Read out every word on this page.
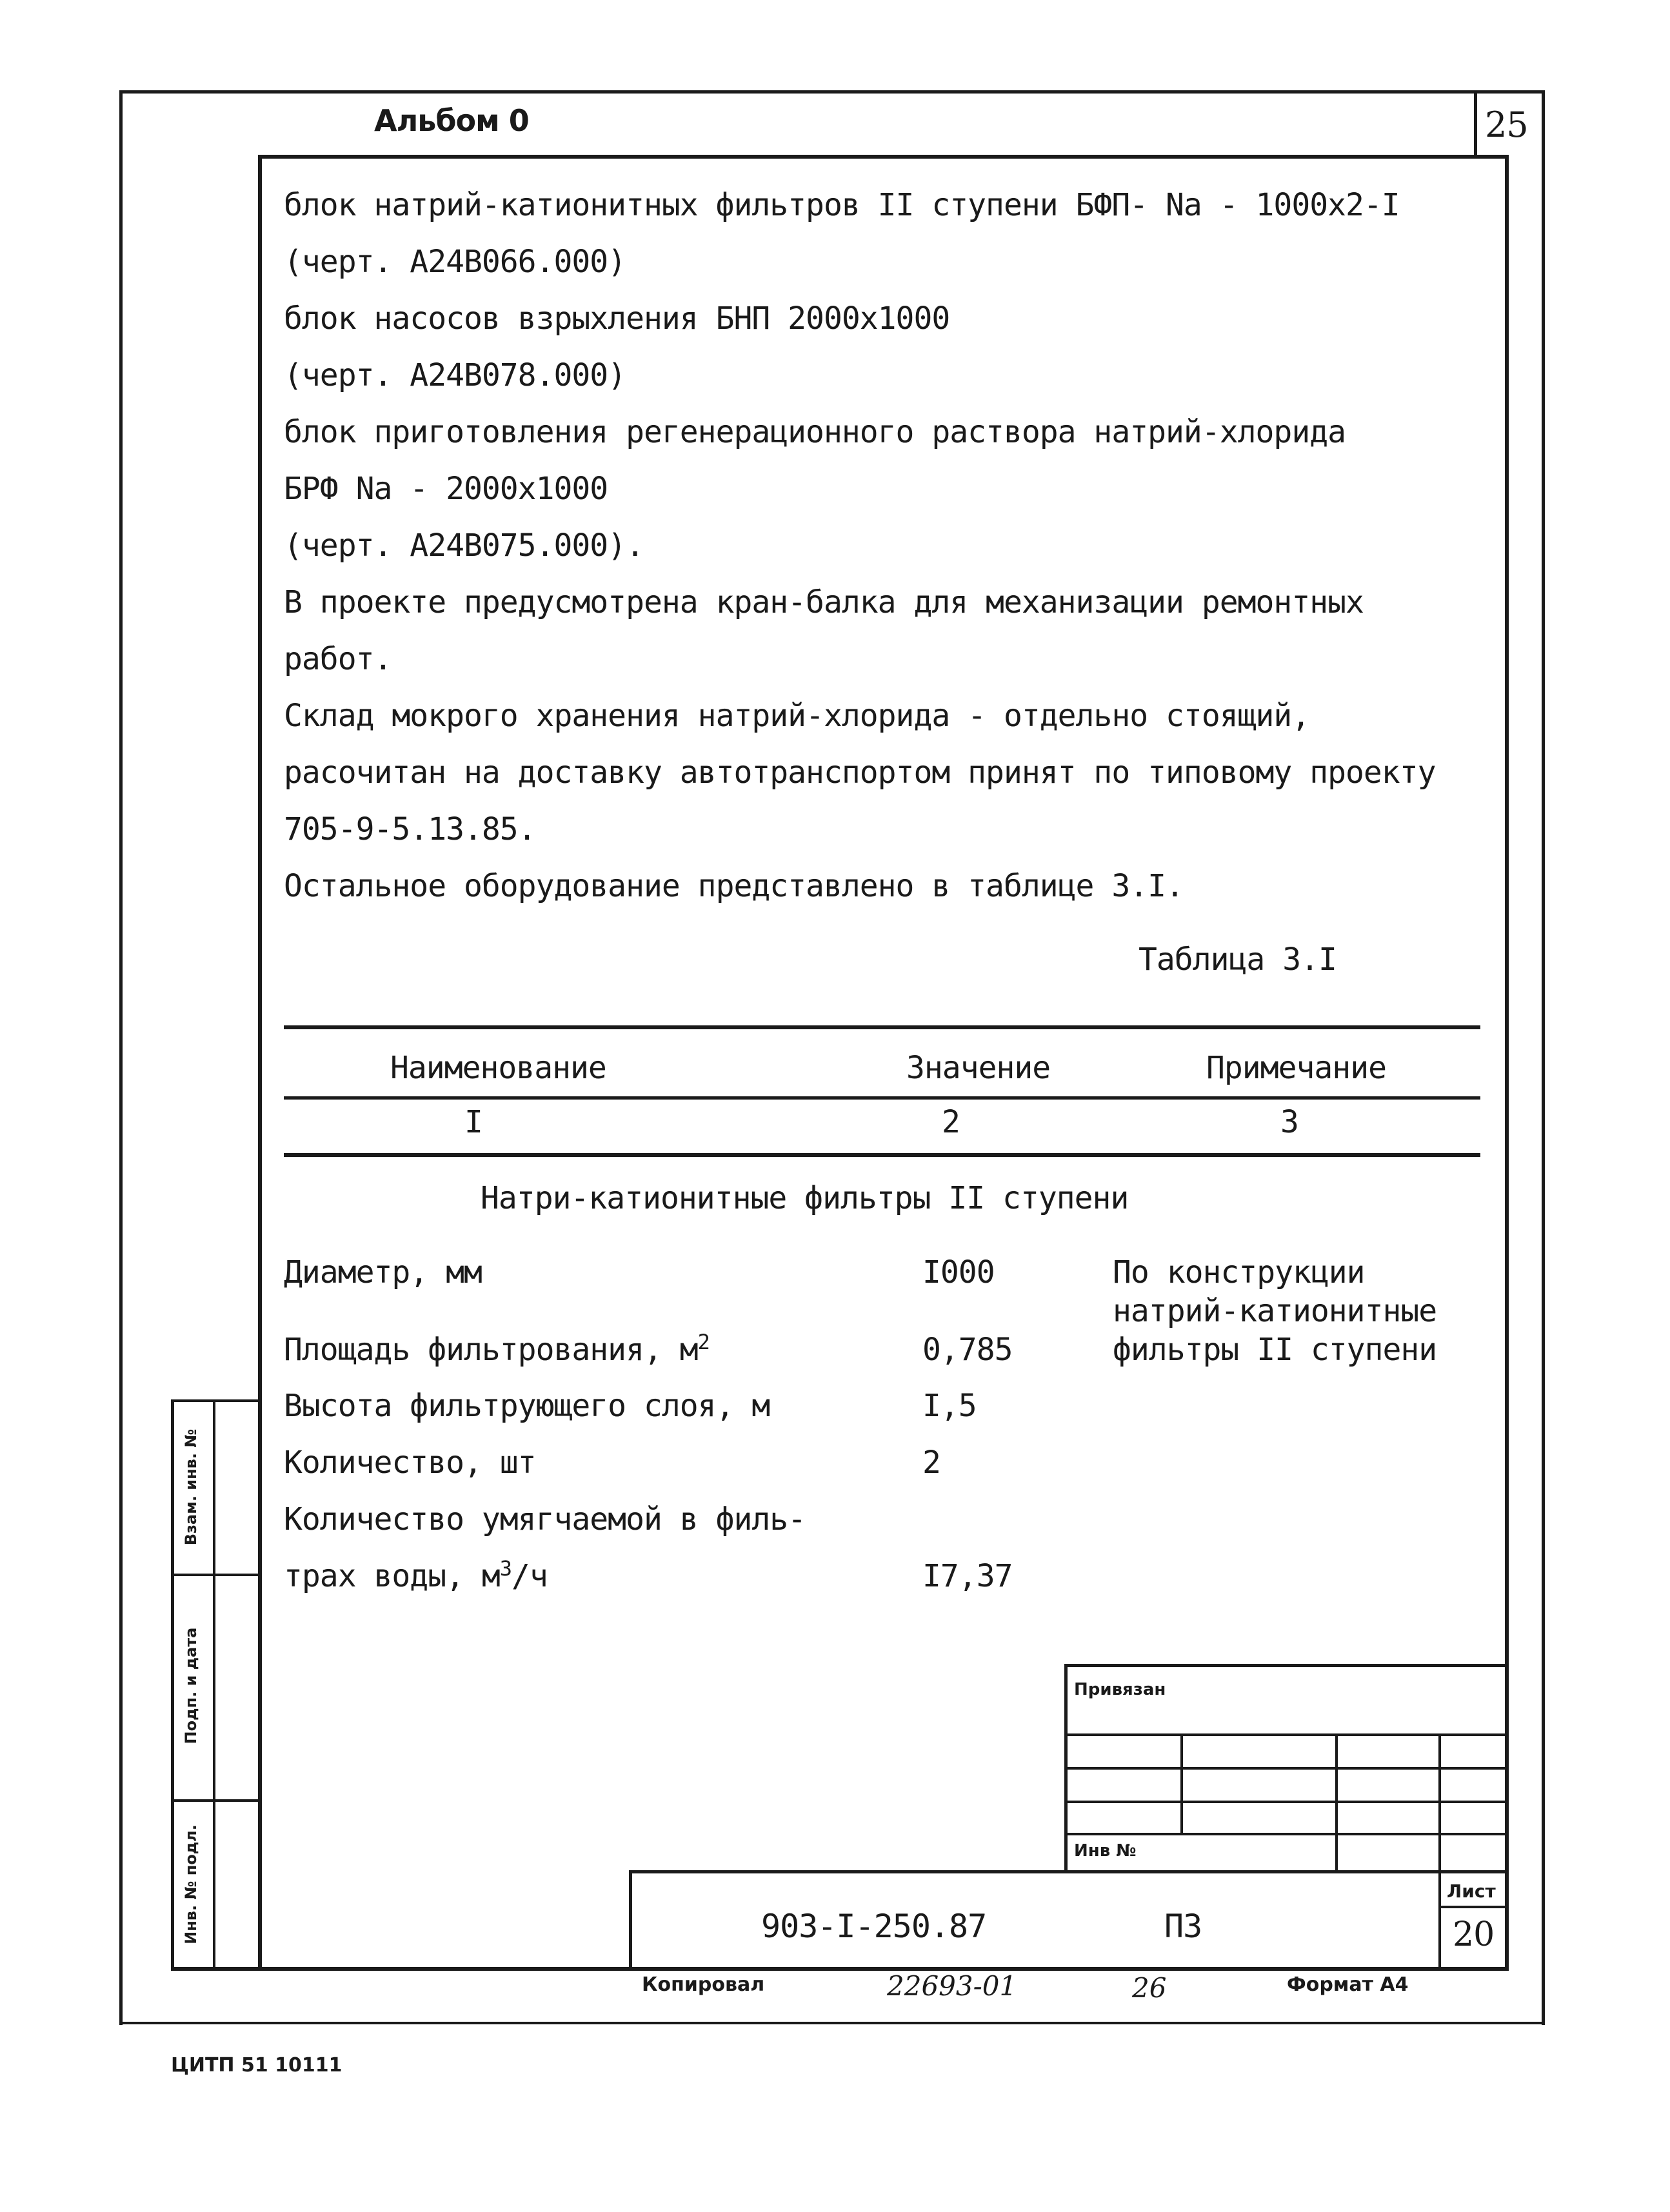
25
Альбом 0
блок натрий-катионитных фильтров II ступени БФП- Na - 1000x2-I
(черт. А24В066.000)
блок насосов взрыхления БНП 2000x1000
(черт. А24В078.000)
блок приготовления регенерационного раствора натрий-хлорида
БРФ Na - 2000x1000
(черт. А24В075.000).
В проекте предусмотрена кран-балка для механизации ремонтных
работ.
Склад мокрого хранения натрий-хлорида - отдельно стоящий,
расочитан на доставку автотранспортом принят по типовому проекту
705-9-5.13.85.
Остальное оборудование представлено в таблице 3.I.
Таблица 3.I
Наименование	Значение	Примечание
I	2	3
Натри-катионитные фильтры II ступени
Диаметр, мм	I000	По конструкции
натрий-катионитные
Площадь фильтрования, $м^2$	0,785	фильтры II ступени
Высота фильтрующего слоя, м	I,5
Количество, шт	2
Количество умягчаемой в филь-
трах воды, $м^3/ч$	I7,37
Взам. инв. №
Подп. и дата
Инв. № подл.
Привязан
Инв №
Лист
903-I-250.87	ПЗ	20
Копировал	22693-01	26	Формат А4
ЦИТП 51 10111
